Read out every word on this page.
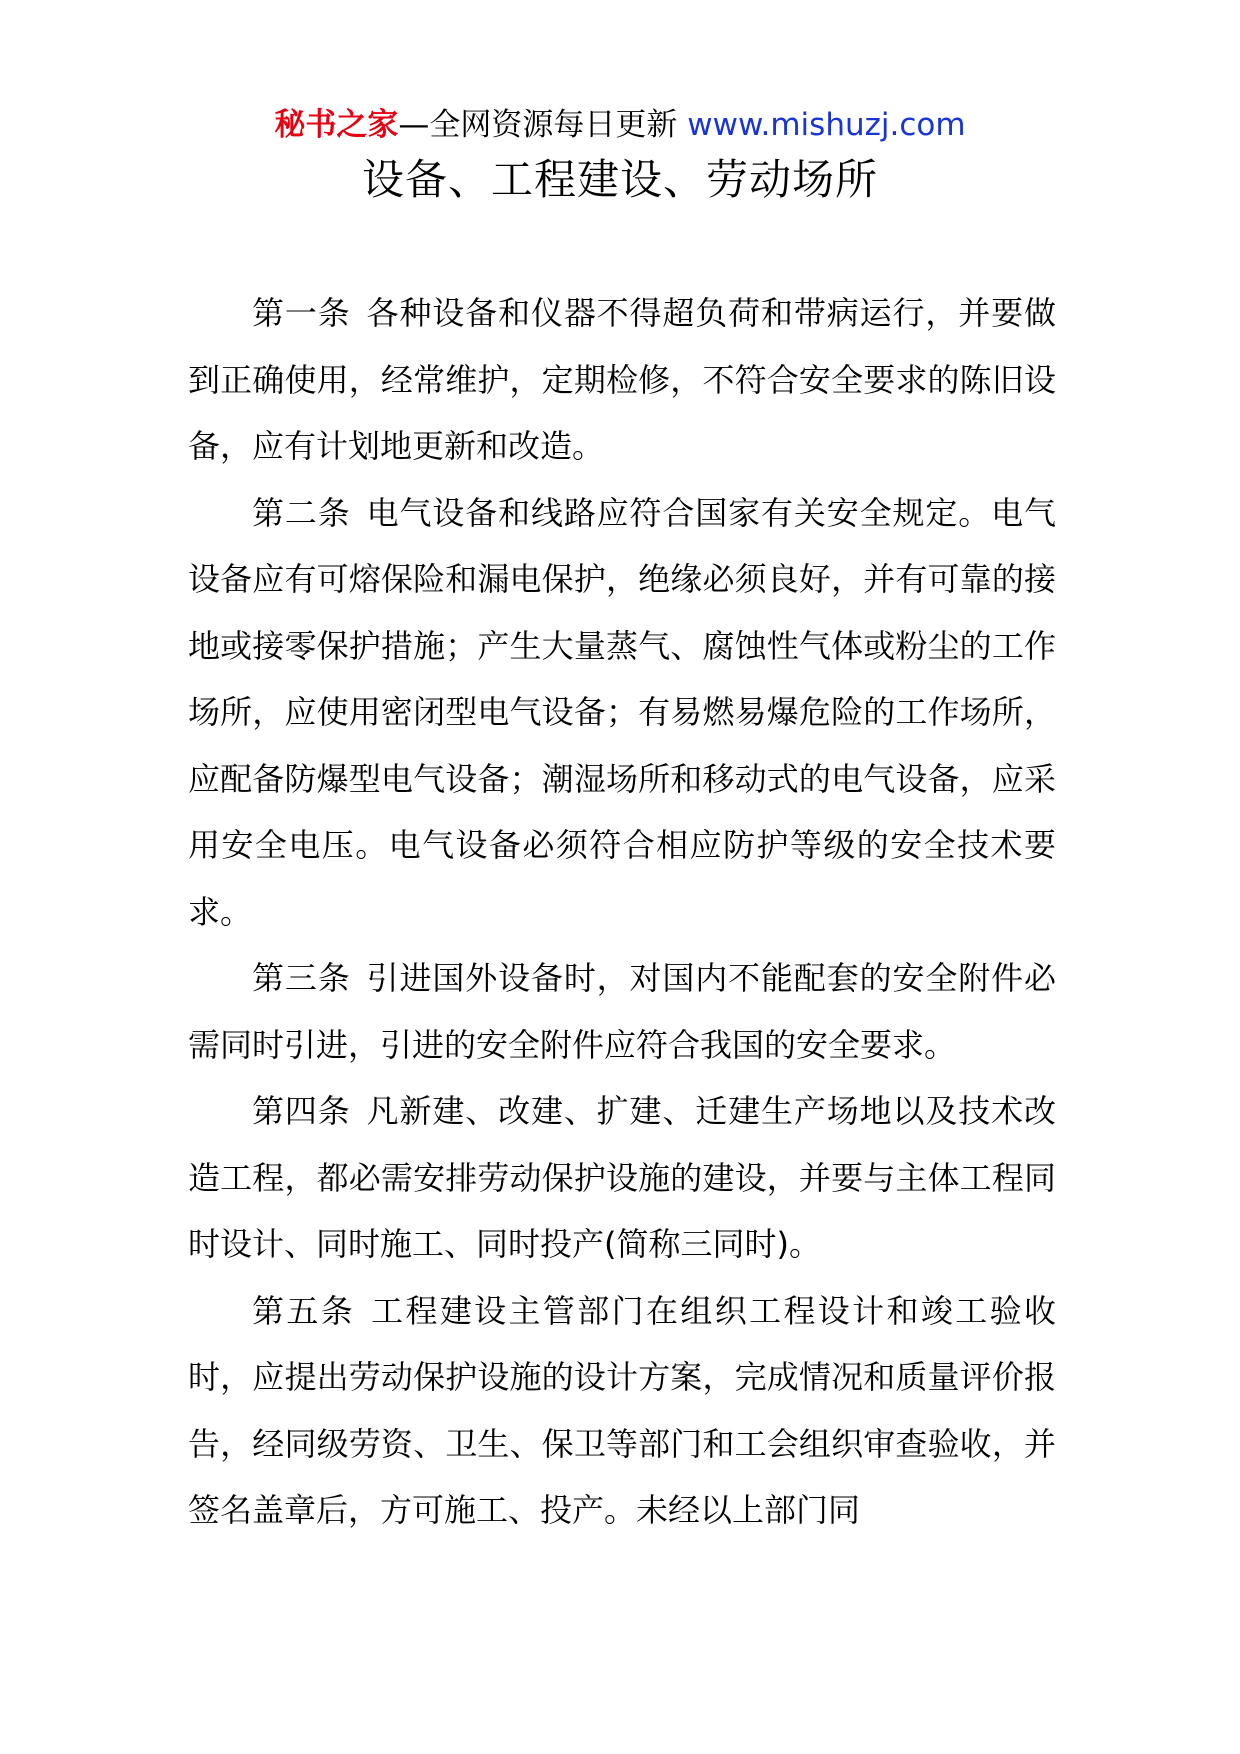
秘书之家—全网资源每日更新 www.mishuzj.com
设备、工程建设、劳动场所

第一条 各种设备和仪器不得超负荷和带病运行，并要做到正确使用，经常维护，定期检修，不符合安全要求的陈旧设备，应有计划地更新和改造。

第二条 电气设备和线路应符合国家有关安全规定。电气设备应有可熔保险和漏电保护，绝缘必须良好，并有可靠的接地或接零保护措施；产生大量蒸气、腐蚀性气体或粉尘的工作场所，应使用密闭型电气设备；有易燃易爆危险的工作场所，应配备防爆型电气设备；潮湿场所和移动式的电气设备，应采用安全电压。电气设备必须符合相应防护等级的安全技术要求。

第三条 引进国外设备时，对国内不能配套的安全附件必需同时引进，引进的安全附件应符合我国的安全要求。

第四条 凡新建、改建、扩建、迁建生产场地以及技术改造工程，都必需安排劳动保护设施的建设，并要与主体工程同时设计、同时施工、同时投产(简称三同时)。

第五条 工程建设主管部门在组织工程设计和竣工验收时，应提出劳动保护设施的设计方案，完成情况和质量评价报告，经同级劳资、卫生、保卫等部门和工会组织审查验收，并签名盖章后，方可施工、投产。未经以上部门同
